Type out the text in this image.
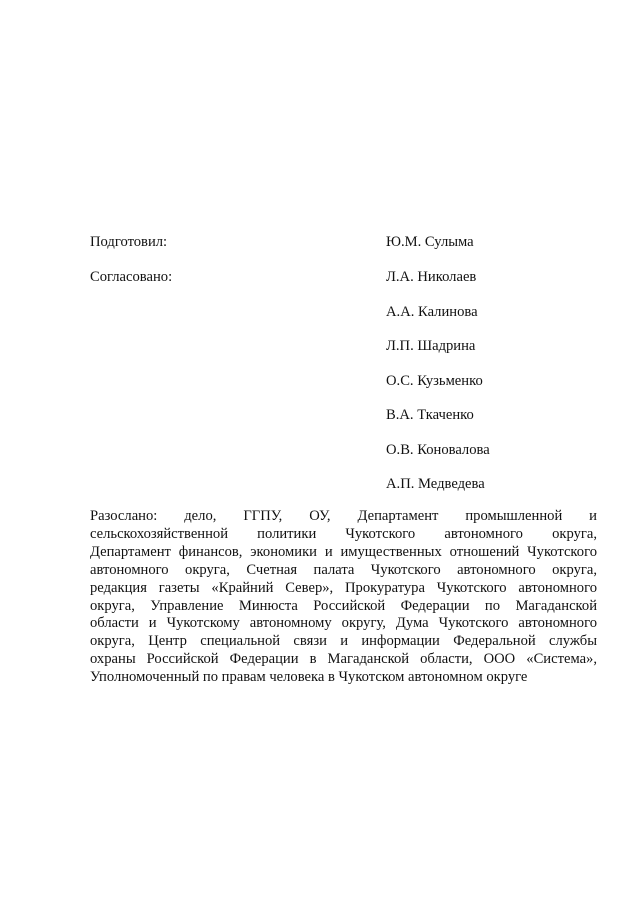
Подготовил:	Ю.М. Сулыма
Согласовано:	Л.А. Николаев
А.А. Калинова
Л.П. Шадрина
О.С. Кузьменко
В.А. Ткаченко
О.В. Коновалова
А.П. Медведева
Разослано: дело, ГГПУ, ОУ, Департамент промышленной и
сельскохозяйственной политики Чукотского автономного округа,
Департамент финансов, экономики и имущественных отношений Чукотского
автономного округа, Счетная палата Чукотского автономного округа,
редакция газеты «Крайний Север», Прокуратура Чукотского автономного
округа, Управление Минюста Российской Федерации по Магаданской
области и Чукотскому автономному округу, Дума Чукотского автономного
округа, Центр специальной связи и информации Федеральной службы
охраны Российской Федерации в Магаданской области, ООО «Система»,
Уполномоченный по правам человека в Чукотском автономном округе
